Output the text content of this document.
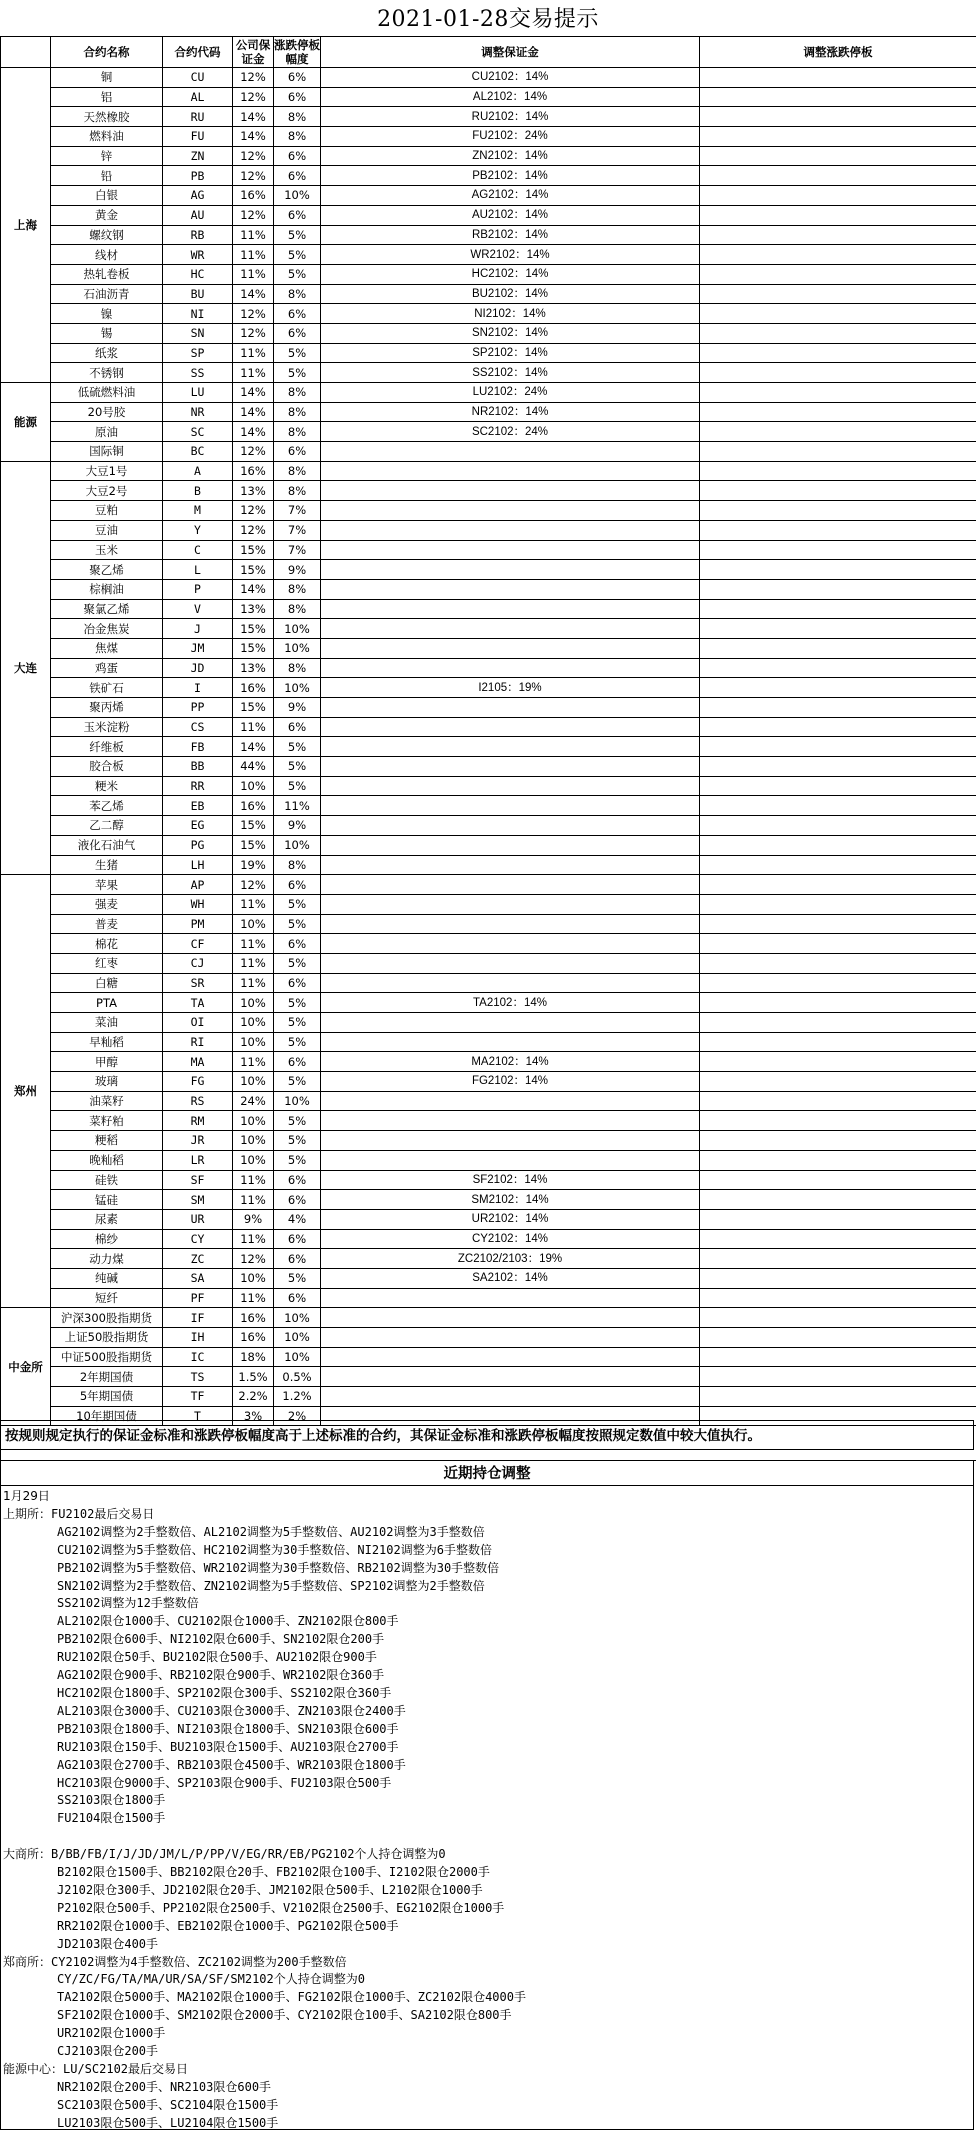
2021-01-28交易提示
	合约名称	合约代码	公司保证金	涨跌停板幅度	调整保证金	调整涨跌停板
上海	铜	CU	12%	6%	CU2102：14%	
	铝	AL	12%	6%	AL2102：14%	
	天然橡胶	RU	14%	8%	RU2102：14%	
	燃料油	FU	14%	8%	FU2102：24%	
	锌	ZN	12%	6%	ZN2102：14%	
	铅	PB	12%	6%	PB2102：14%	
	白银	AG	16%	10%	AG2102：14%	
	黄金	AU	12%	6%	AU2102：14%	
	螺纹钢	RB	11%	5%	RB2102：14%	
	线材	WR	11%	5%	WR2102：14%	
	热轧卷板	HC	11%	5%	HC2102：14%	
	石油沥青	BU	14%	8%	BU2102：14%	
	镍	NI	12%	6%	NI2102：14%	
	锡	SN	12%	6%	SN2102：14%	
	纸浆	SP	11%	5%	SP2102：14%	
	不锈钢	SS	11%	5%	SS2102：14%	
能源	低硫燃料油	LU	14%	8%	LU2102：24%	
	20号胶	NR	14%	8%	NR2102：14%	
	原油	SC	14%	8%	SC2102：24%	
	国际铜	BC	12%	6%		
大连	大豆1号	A	16%	8%		
	大豆2号	B	13%	8%		
	豆粕	M	12%	7%		
	豆油	Y	12%	7%		
	玉米	C	15%	7%		
	聚乙烯	L	15%	9%		
	棕榈油	P	14%	8%		
	聚氯乙烯	V	13%	8%		
	冶金焦炭	J	15%	10%		
	焦煤	JM	15%	10%		
	鸡蛋	JD	13%	8%		
	铁矿石	I	16%	10%	I2105：19%	
	聚丙烯	PP	15%	9%		
	玉米淀粉	CS	11%	6%		
	纤维板	FB	14%	5%		
	胶合板	BB	44%	5%		
	粳米	RR	10%	5%		
	苯乙烯	EB	16%	11%		
	乙二醇	EG	15%	9%		
	液化石油气	PG	15%	10%		
	生猪	LH	19%	8%		
郑州	苹果	AP	12%	6%		
	强麦	WH	11%	5%		
	普麦	PM	10%	5%		
	棉花	CF	11%	6%		
	红枣	CJ	11%	5%		
	白糖	SR	11%	6%		
	PTA	TA	10%	5%	TA2102：14%	
	菜油	OI	10%	5%		
	早籼稻	RI	10%	5%		
	甲醇	MA	11%	6%	MA2102：14%	
	玻璃	FG	10%	5%	FG2102：14%	
	油菜籽	RS	24%	10%		
	菜籽粕	RM	10%	5%		
	粳稻	JR	10%	5%		
	晚籼稻	LR	10%	5%		
	硅铁	SF	11%	6%	SF2102：14%	
	锰硅	SM	11%	6%	SM2102：14%	
	尿素	UR	9%	4%	UR2102：14%	
	棉纱	CY	11%	6%	CY2102：14%	
	动力煤	ZC	12%	6%	ZC2102/2103：19%	
	纯碱	SA	10%	5%	SA2102：14%	
	短纤	PF	11%	6%		
中金所	沪深300股指期货	IF	16%	10%		
	上证50股指期货	IH	16%	10%		
	中证500股指期货	IC	18%	10%		
	2年期国债	TS	1.5%	0.5%		
	5年期国债	TF	2.2%	1.2%		
	10年期国债	T	3%	2%		

按规则规定执行的保证金标准和涨跌停板幅度高于上述标准的合约，其保证金标准和涨跌停板幅度按照规定数值中较大值执行。
近期持仓调整
1月29日
上期所：FU2102最后交易日
AG2102调整为2手整数倍、AL2102调整为5手整数倍、AU2102调整为3手整数倍
CU2102调整为5手整数倍、HC2102调整为30手整数倍、NI2102调整为6手整数倍
PB2102调整为5手整数倍、WR2102调整为30手整数倍、RB2102调整为30手整数倍
SN2102调整为2手整数倍、ZN2102调整为5手整数倍、SP2102调整为2手整数倍
SS2102调整为12手整数倍
AL2102限仓1000手、CU2102限仓1000手、ZN2102限仓800手
PB2102限仓600手、NI2102限仓600手、SN2102限仓200手
RU2102限仓50手、BU2102限仓500手、AU2102限仓900手
AG2102限仓900手、RB2102限仓900手、WR2102限仓360手
HC2102限仓1800手、SP2102限仓300手、SS2102限仓360手
AL2103限仓3000手、CU2103限仓3000手、ZN2103限仓2400手
PB2103限仓1800手、NI2103限仓1800手、SN2103限仓600手
RU2103限仓150手、BU2103限仓1500手、AU2103限仓2700手
AG2103限仓2700手、RB2103限仓4500手、WR2103限仓1800手
HC2103限仓9000手、SP2103限仓900手、FU2103限仓500手
SS2103限仓1800手
FU2104限仓1500手
大商所：B/BB/FB/I/J/JD/JM/L/P/PP/V/EG/RR/EB/PG2102个人持仓调整为0
B2102限仓1500手、BB2102限仓20手、FB2102限仓100手、I2102限仓2000手
J2102限仓300手、JD2102限仓20手、JM2102限仓500手、L2102限仓1000手
P2102限仓500手、PP2102限仓2500手、V2102限仓2500手、EG2102限仓1000手
RR2102限仓1000手、EB2102限仓1000手、PG2102限仓500手
JD2103限仓400手
郑商所：CY2102调整为4手整数倍、ZC2102调整为200手整数倍
CY/ZC/FG/TA/MA/UR/SA/SF/SM2102个人持仓调整为0
TA2102限仓5000手、MA2102限仓1000手、FG2102限仓1000手、ZC2102限仓4000手
SF2102限仓1000手、SM2102限仓2000手、CY2102限仓100手、SA2102限仓800手
UR2102限仓1000手
CJ2103限仓200手
能源中心：LU/SC2102最后交易日
NR2102限仓200手、NR2103限仓600手
SC2103限仓500手、SC2104限仓1500手
LU2103限仓500手、LU2104限仓1500手
